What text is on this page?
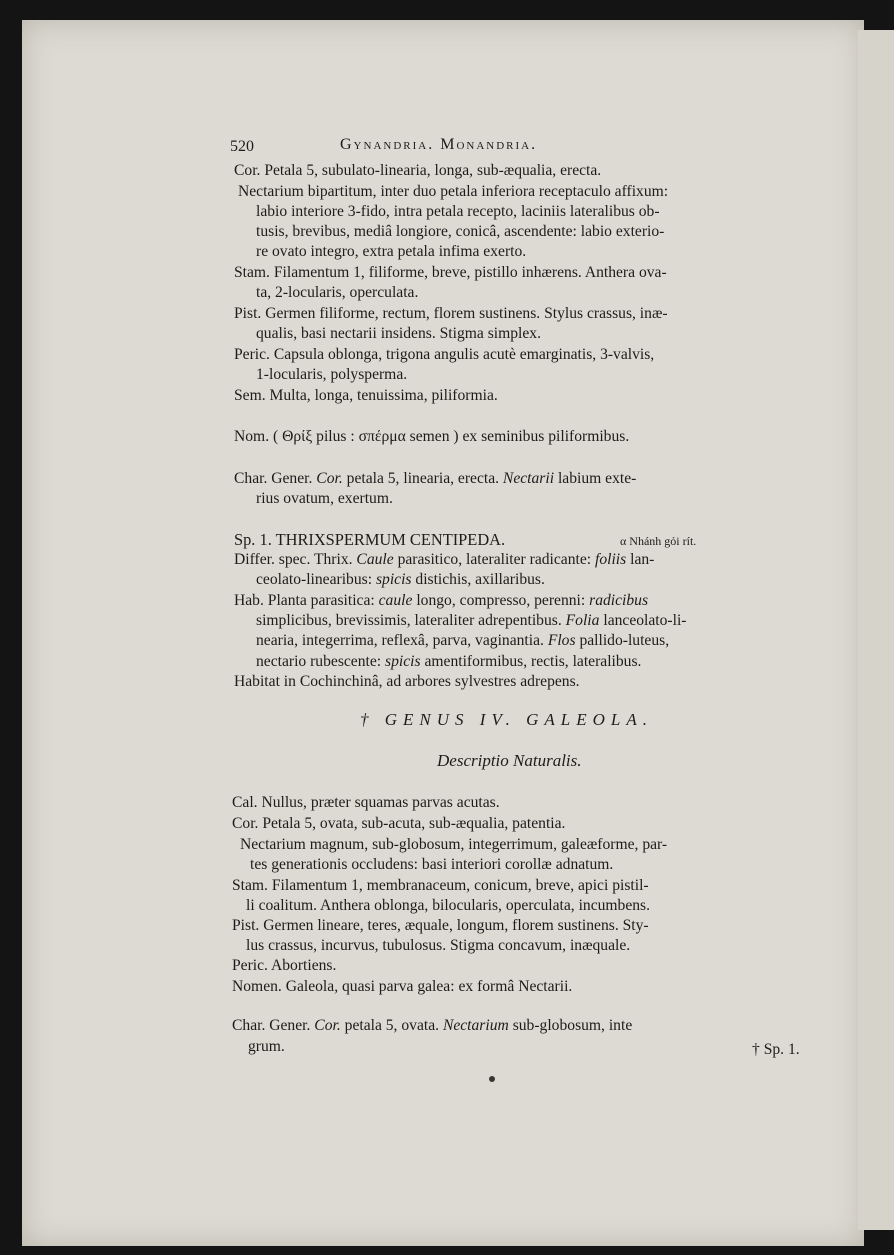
520	Gynandria. Monandria.
Cor. Petala 5, subulato-linearia, longa, sub-æqualia, erecta.
Nectarium bipartitum, inter duo petala inferiora receptaculo affixum:
labio interiore 3-fido, intra petala recepto, laciniis lateralibus ob-
tusis, brevibus, mediâ longiore, conicâ, ascendente: labio exterio-
re ovato integro, extra petala infima exerto.
Stam. Filamentum 1, filiforme, breve, pistillo inhærens. Anthera ova-
ta, 2-locularis, operculata.
Pist. Germen filiforme, rectum, florem sustinens. Stylus crassus, inæ-
qualis, basi nectarii insidens. Stigma simplex.
Peric. Capsula oblonga, trigona angulis acutè emarginatis, 3-valvis,
1-locularis, polysperma.
Sem. Multa, longa, tenuissima, piliformia.
Nom. ( Θρίξ pilus : σπέρμα semen ) ex seminibus piliformibus.
Char. Gener. Cor. petala 5, linearia, erecta. Nectarii labium exte-
rius ovatum, exertum.
Sp. 1. THRIXSPERMUM CENTIPEDA.	α Nhánh gỏi rít.
Differ. spec. Thrix. Caule parasitico, lateraliter radicante: foliis lan-
ceolato-linearibus: spicis distichis, axillaribus.
Hab. Planta parasitica: caule longo, compresso, perenni: radicibus
simplicibus, brevissimis, lateraliter adrepentibus. Folia lanceolato-li-
nearia, integerrima, reflexâ, parva, vaginantia. Flos pallido-luteus,
nectario rubescente: spicis amentiformibus, rectis, lateralibus.
Habitat in Cochinchinâ, ad arbores sylvestres adrepens.
† GENUS IV. GALEOLA.
Descriptio Naturalis.
Cal. Nullus, præter squamas parvas acutas.
Cor. Petala 5, ovata, sub-acuta, sub-æqualia, patentia.
Nectarium magnum, sub-globosum, integerrimum, galeæforme, par-
tes generationis occludens: basi interiori corollæ adnatum.
Stam. Filamentum 1, membranaceum, conicum, breve, apici pistil-
li coalitum. Anthera oblonga, bilocularis, operculata, incumbens.
Pist. Germen lineare, teres, æquale, longum, florem sustinens. Sty-
lus crassus, incurvus, tubulosus. Stigma concavum, inæquale.
Peric. Abortiens.
Nomen. Galeola, quasi parva galea: ex formâ Nectarii.
Char. Gener. Cor. petala 5, ovata. Nectarium sub-globosum, inte
grum.	† Sp. 1.
